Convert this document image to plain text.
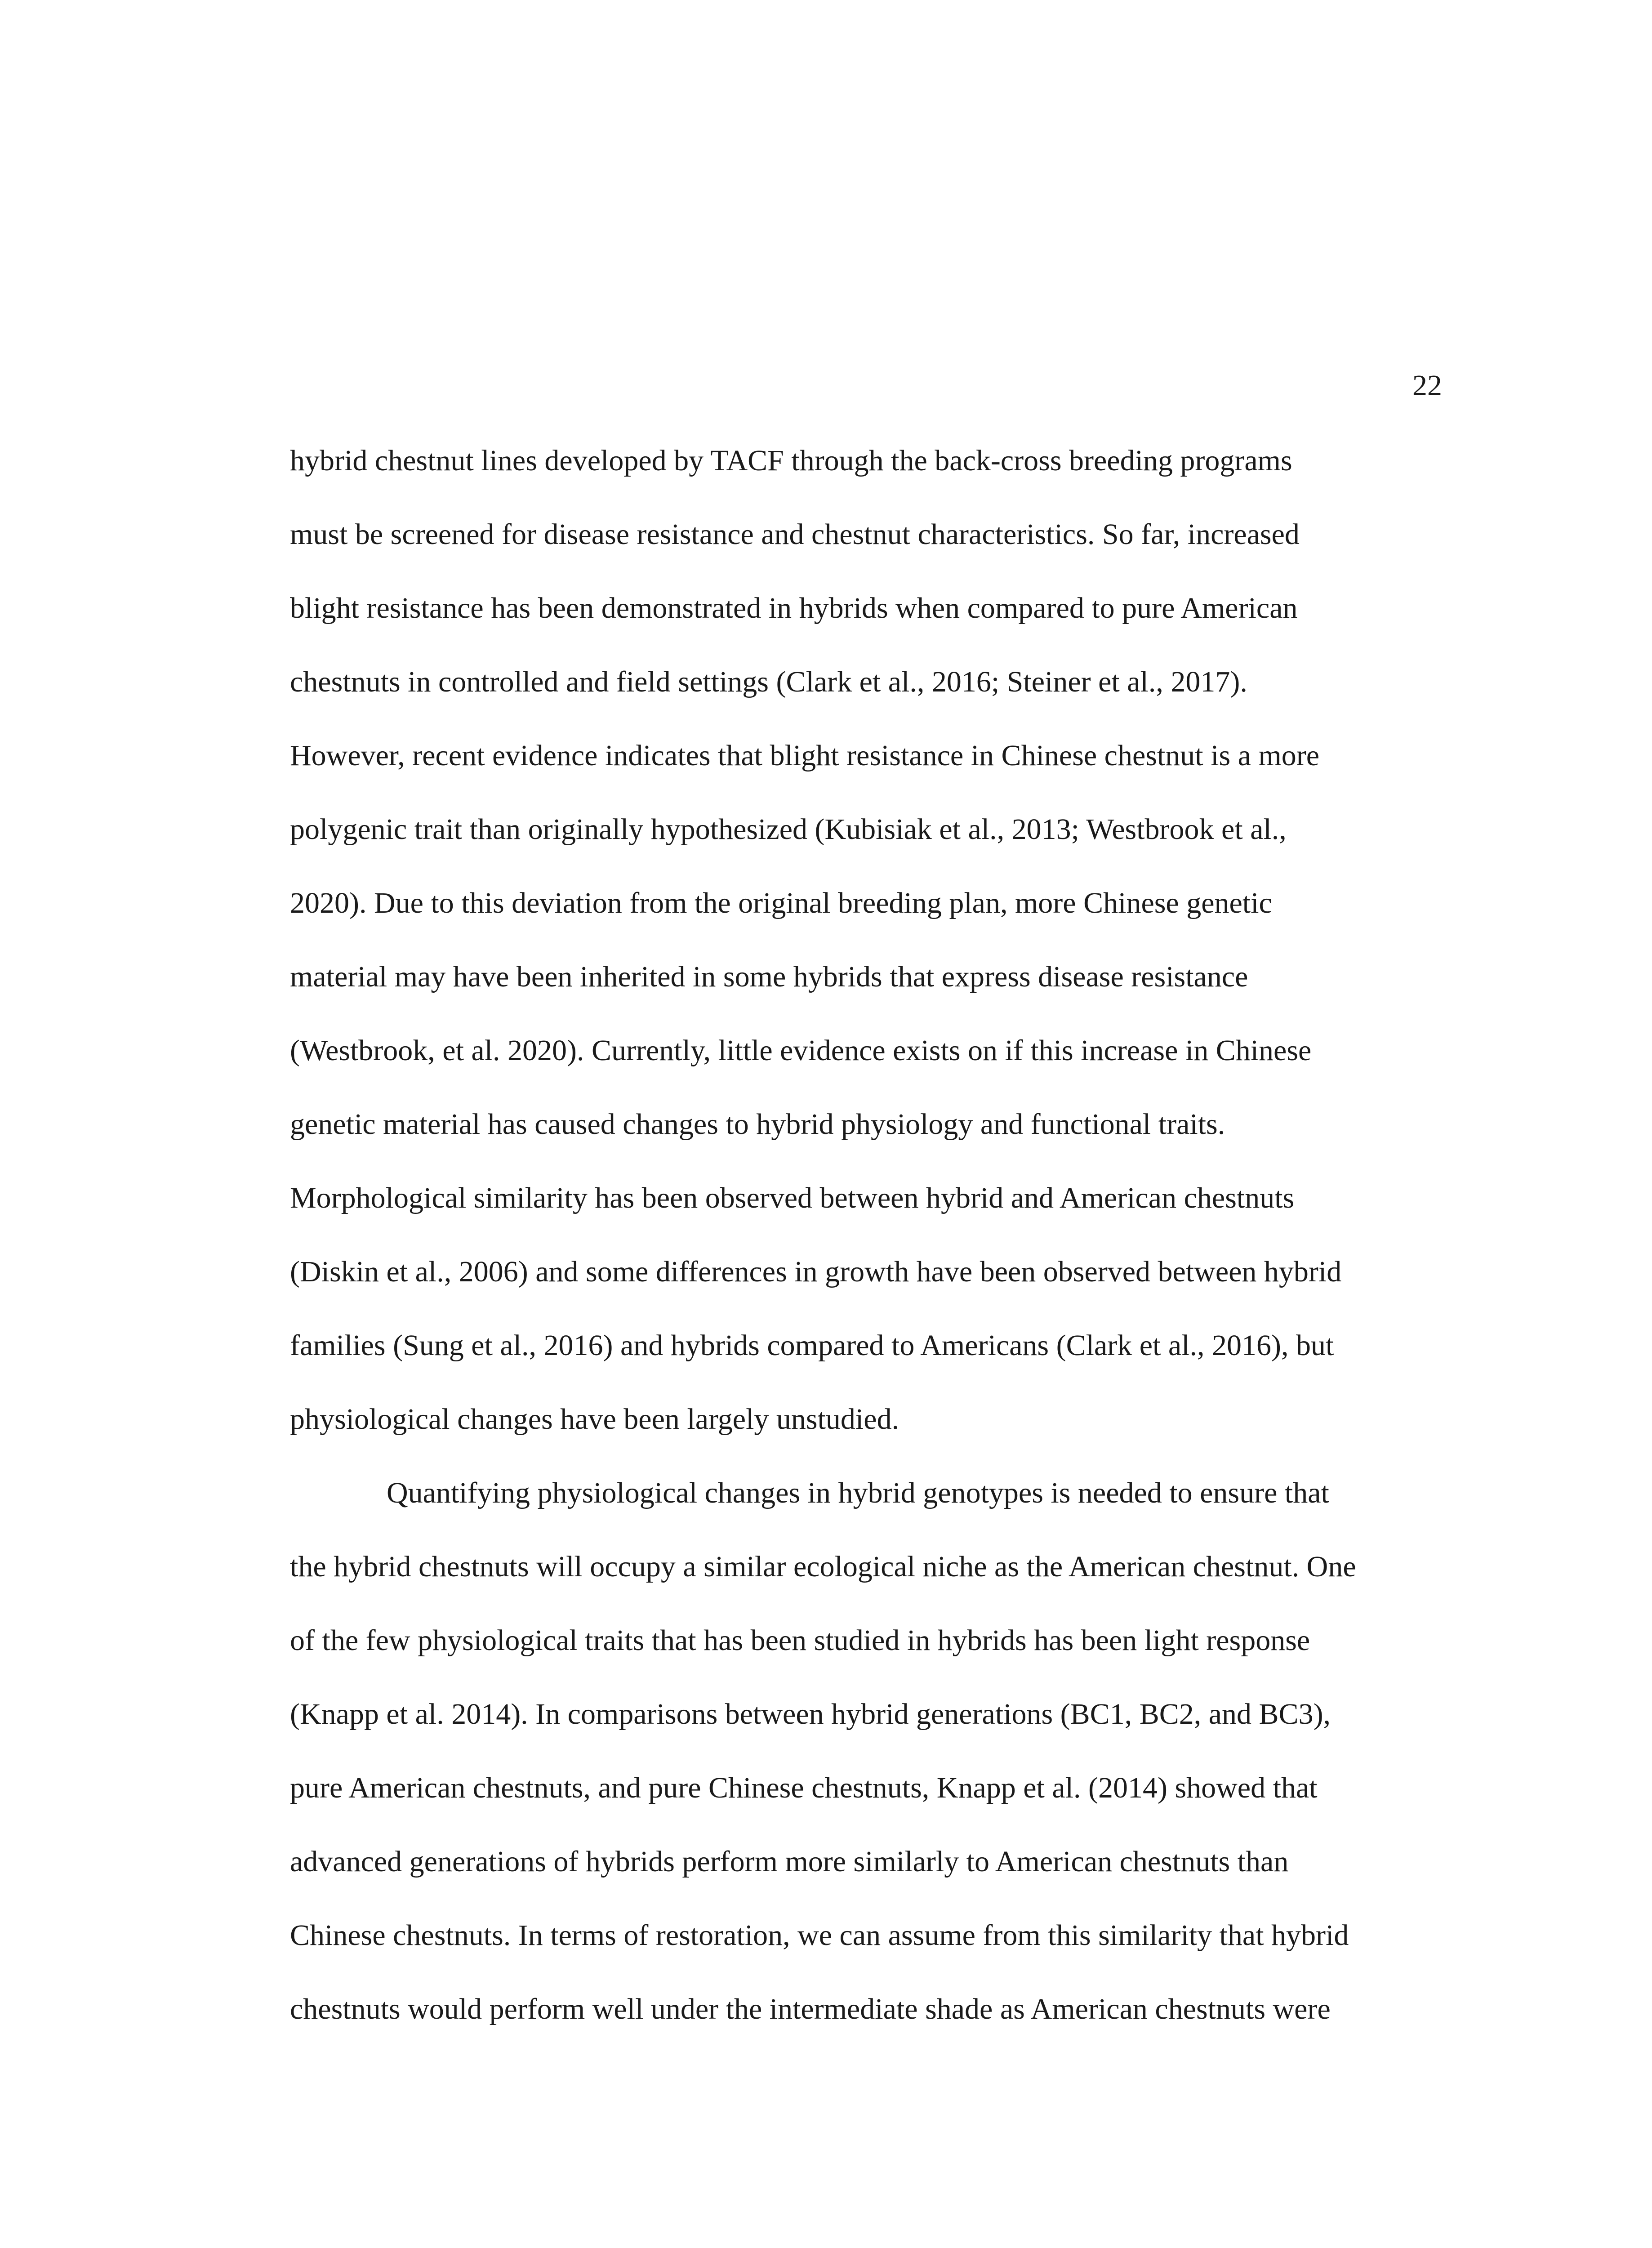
22

hybrid chestnut lines developed by TACF through the back-cross breeding programs
must be screened for disease resistance and chestnut characteristics. So far, increased
blight resistance has been demonstrated in hybrids when compared to pure American
chestnuts in controlled and field settings (Clark et al., 2016; Steiner et al., 2017).
However, recent evidence indicates that blight resistance in Chinese chestnut is a more
polygenic trait than originally hypothesized (Kubisiak et al., 2013; Westbrook et al.,
2020). Due to this deviation from the original breeding plan, more Chinese genetic
material may have been inherited in some hybrids that express disease resistance
(Westbrook, et al. 2020). Currently, little evidence exists on if this increase in Chinese
genetic material has caused changes to hybrid physiology and functional traits.
Morphological similarity has been observed between hybrid and American chestnuts
(Diskin et al., 2006) and some differences in growth have been observed between hybrid
families (Sung et al., 2016) and hybrids compared to Americans (Clark et al., 2016), but
physiological changes have been largely unstudied.
Quantifying physiological changes in hybrid genotypes is needed to ensure that
the hybrid chestnuts will occupy a similar ecological niche as the American chestnut. One
of the few physiological traits that has been studied in hybrids has been light response
(Knapp et al. 2014). In comparisons between hybrid generations (BC1, BC2, and BC3),
pure American chestnuts, and pure Chinese chestnuts, Knapp et al. (2014) showed that
advanced generations of hybrids perform more similarly to American chestnuts than
Chinese chestnuts. In terms of restoration, we can assume from this similarity that hybrid
chestnuts would perform well under the intermediate shade as American chestnuts were
